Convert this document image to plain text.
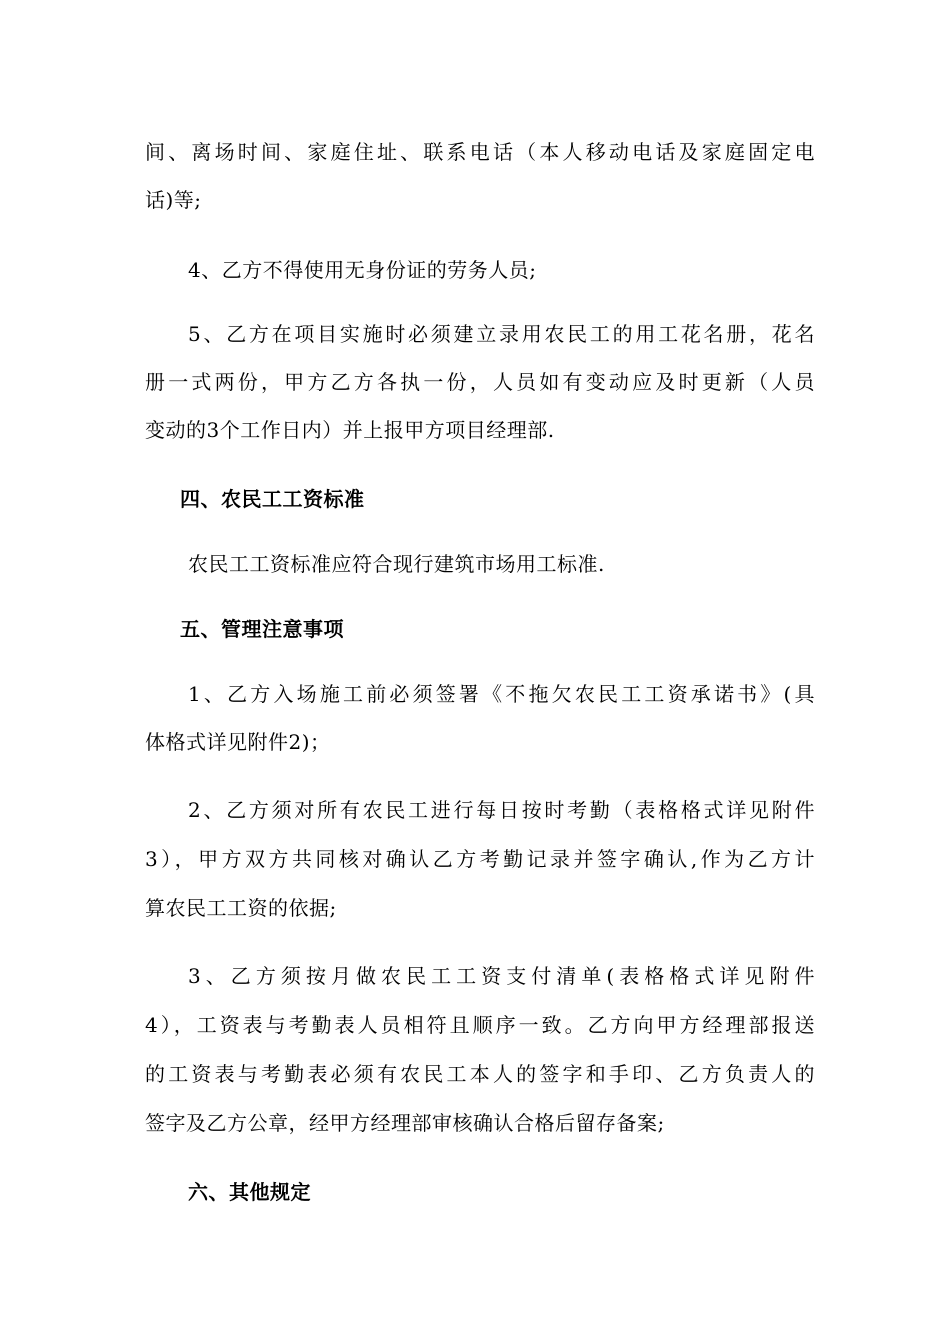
间、离场时间、家庭住址、联系电话（本人移动电话及家庭固定电
话)等;
4、乙方不得使用无身份证的劳务人员;
5、乙方在项目实施时必须建立录用农民工的用工花名册，花名
册一式两份，甲方乙方各执一份，人员如有变动应及时更新（人员
变动的3个工作日内）并上报甲方项目经理部.
四、农民工工资标准
农民工工资标准应符合现行建筑市场用工标准.
五、管理注意事项
1、乙方入场施工前必须签署《不拖欠农民工工资承诺书》(具
体格式详见附件2)；
2、乙方须对所有农民工进行每日按时考勤（表格格式详见附件
3），甲方双方共同核对确认乙方考勤记录并签字确认,作为乙方计
算农民工工资的依据;
3、乙方须按月做农民工工资支付清单(表格格式详见附件
4），工资表与考勤表人员相符且顺序一致。乙方向甲方经理部报送
的工资表与考勤表必须有农民工本人的签字和手印、乙方负责人的
签字及乙方公章，经甲方经理部审核确认合格后留存备案;
六、其他规定
